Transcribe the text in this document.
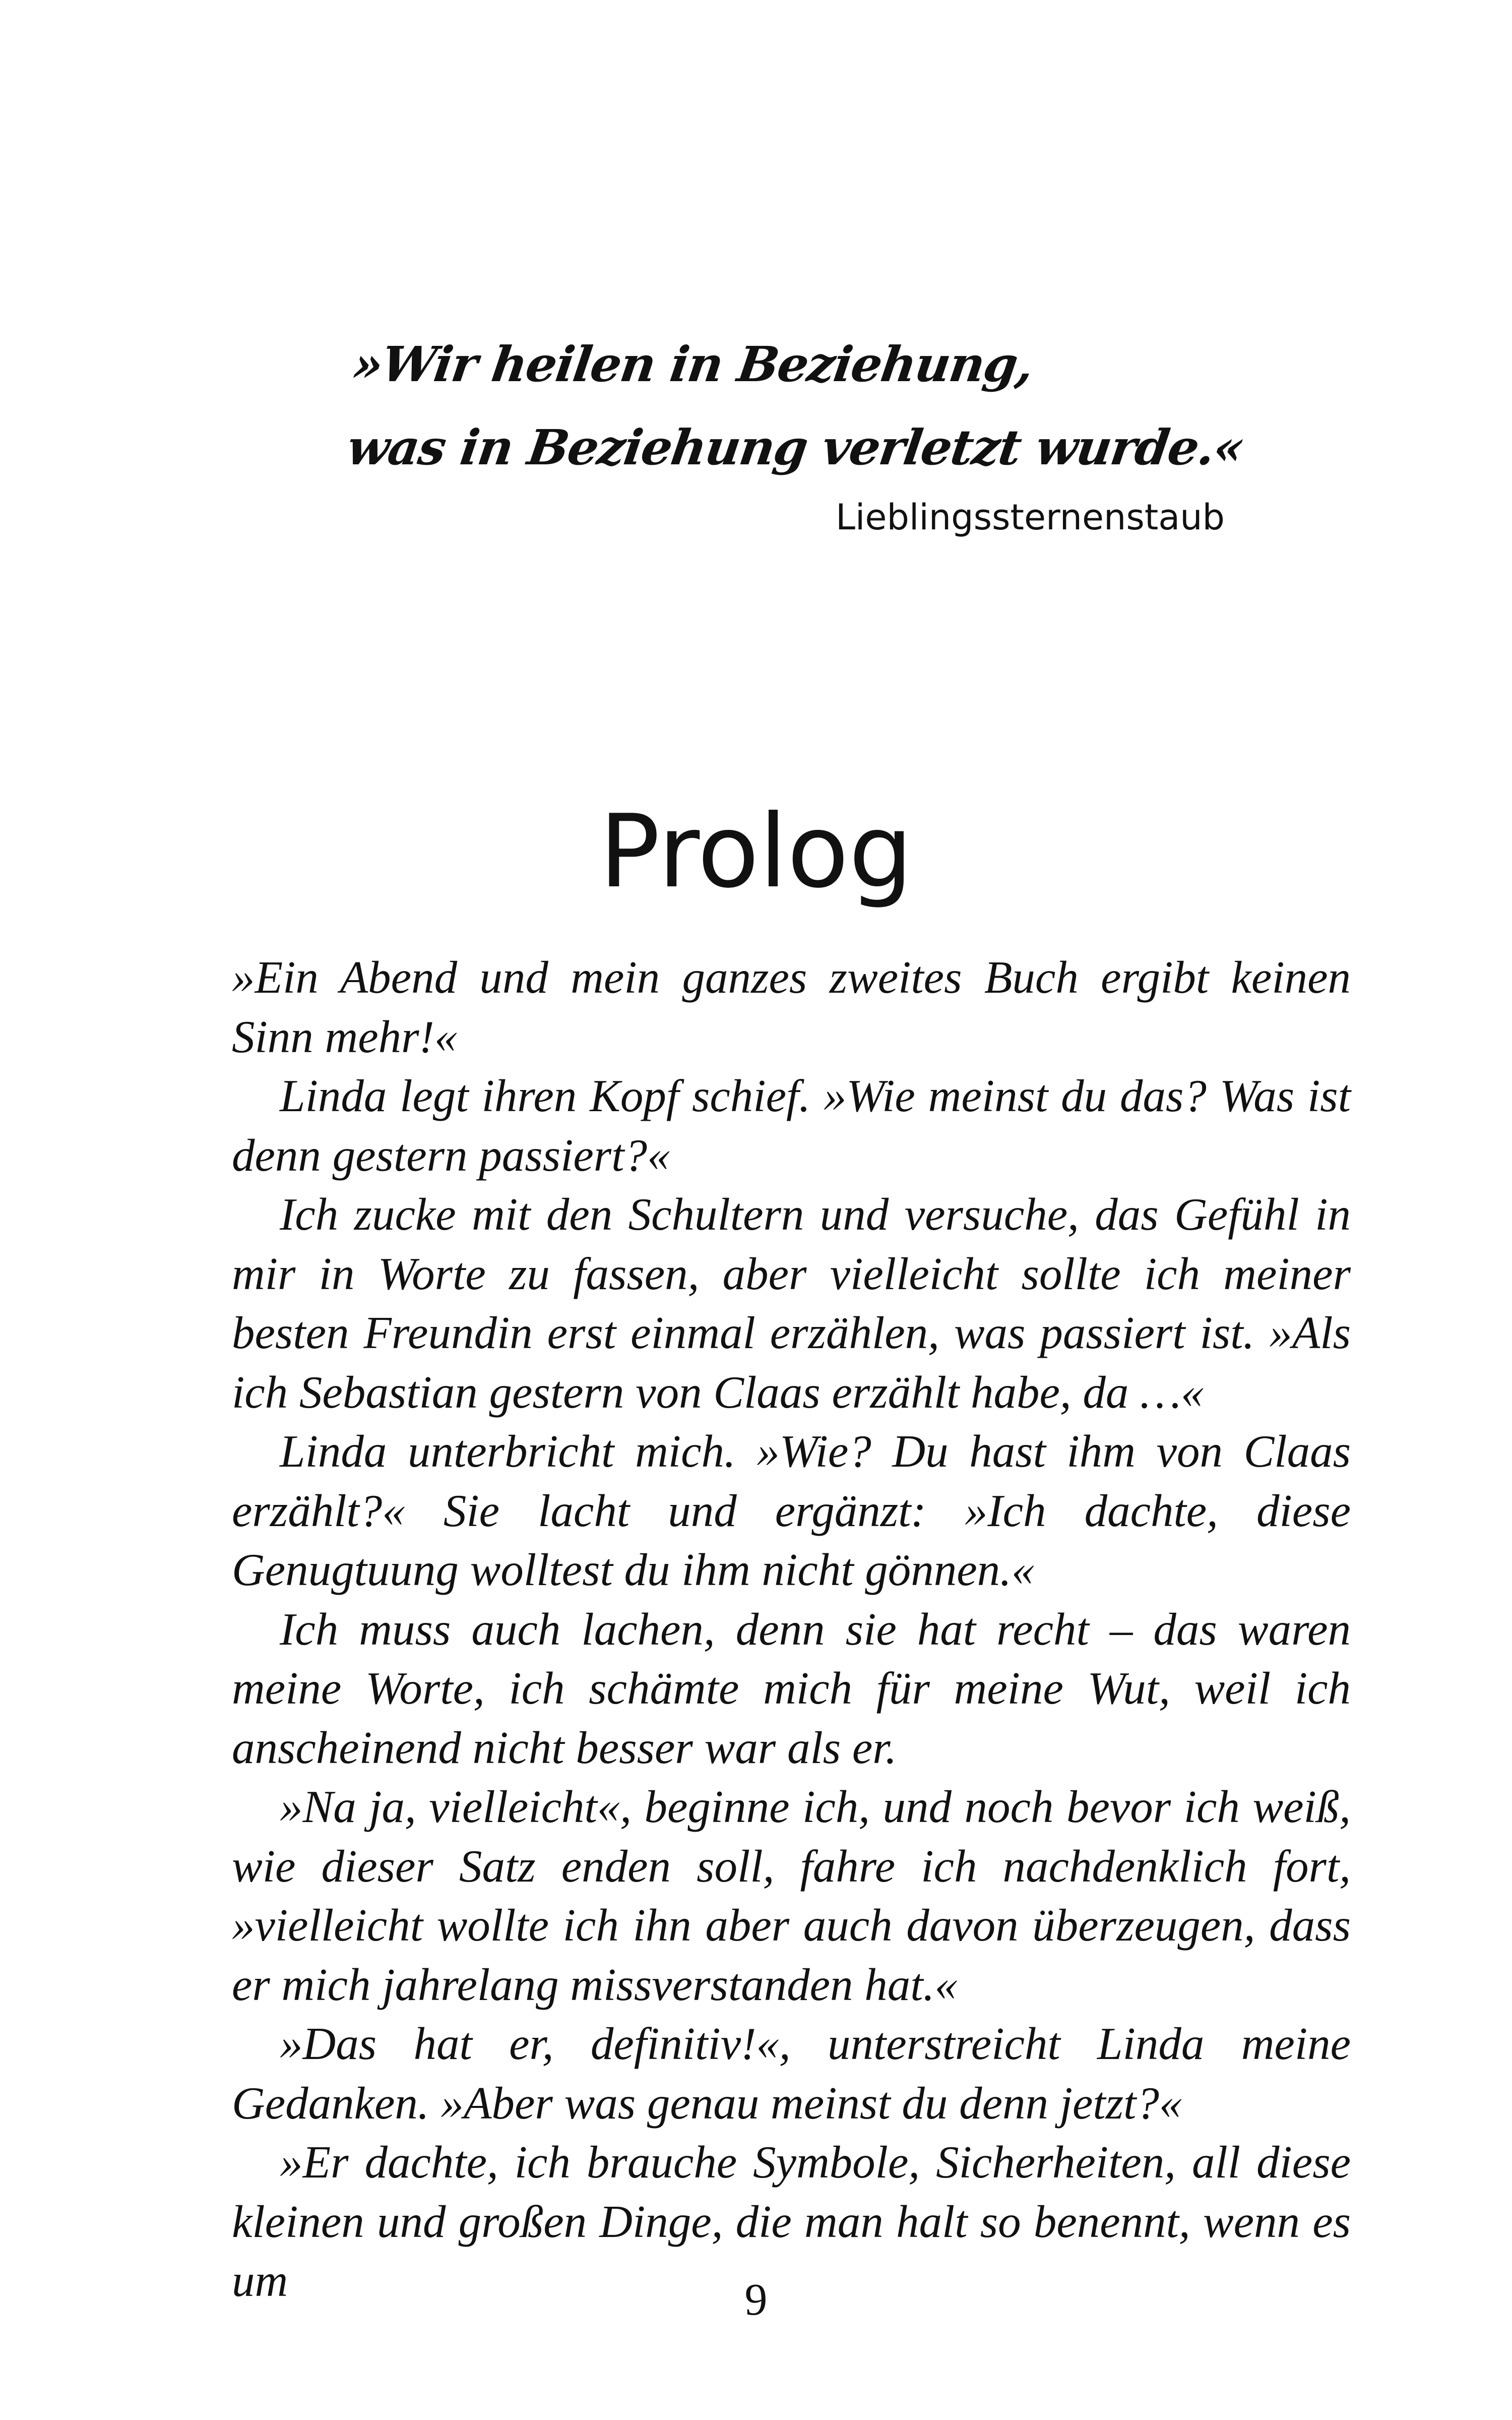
»Wir heilen in Beziehung,
was in Beziehung verletzt wurde.«
Lieblingssternenstaub
Prolog

»Ein Abend und mein ganzes zweites Buch ergibt keinen Sinn mehr!«

Linda legt ihren Kopf schief. »Wie meinst du das? Was ist denn gestern passiert?«

Ich zucke mit den Schultern und versuche, das Gefühl in mir in Worte zu fassen, aber vielleicht sollte ich meiner besten Freundin erst einmal erzählen, was passiert ist. »Als ich Sebastian gestern von Claas erzählt habe, da …«

Linda unterbricht mich. »Wie? Du hast ihm von Claas erzählt?« Sie lacht und ergänzt: »Ich dachte, diese Genugtuung wolltest du ihm nicht gönnen.«

Ich muss auch lachen, denn sie hat recht – das waren meine Worte, ich schämte mich für meine Wut, weil ich anscheinend nicht besser war als er.

»Na ja, vielleicht«, beginne ich, und noch bevor ich weiß, wie dieser Satz enden soll, fahre ich nachdenklich fort, »vielleicht wollte ich ihn aber auch davon überzeugen, dass er mich jahrelang missverstanden hat.«

»Das hat er, definitiv!«, unterstreicht Linda meine Gedanken. »Aber was genau meinst du denn jetzt?«

»Er dachte, ich brauche Symbole, Sicherheiten, all diese kleinen und großen Dinge, die man halt so benennt, wenn es um	9
